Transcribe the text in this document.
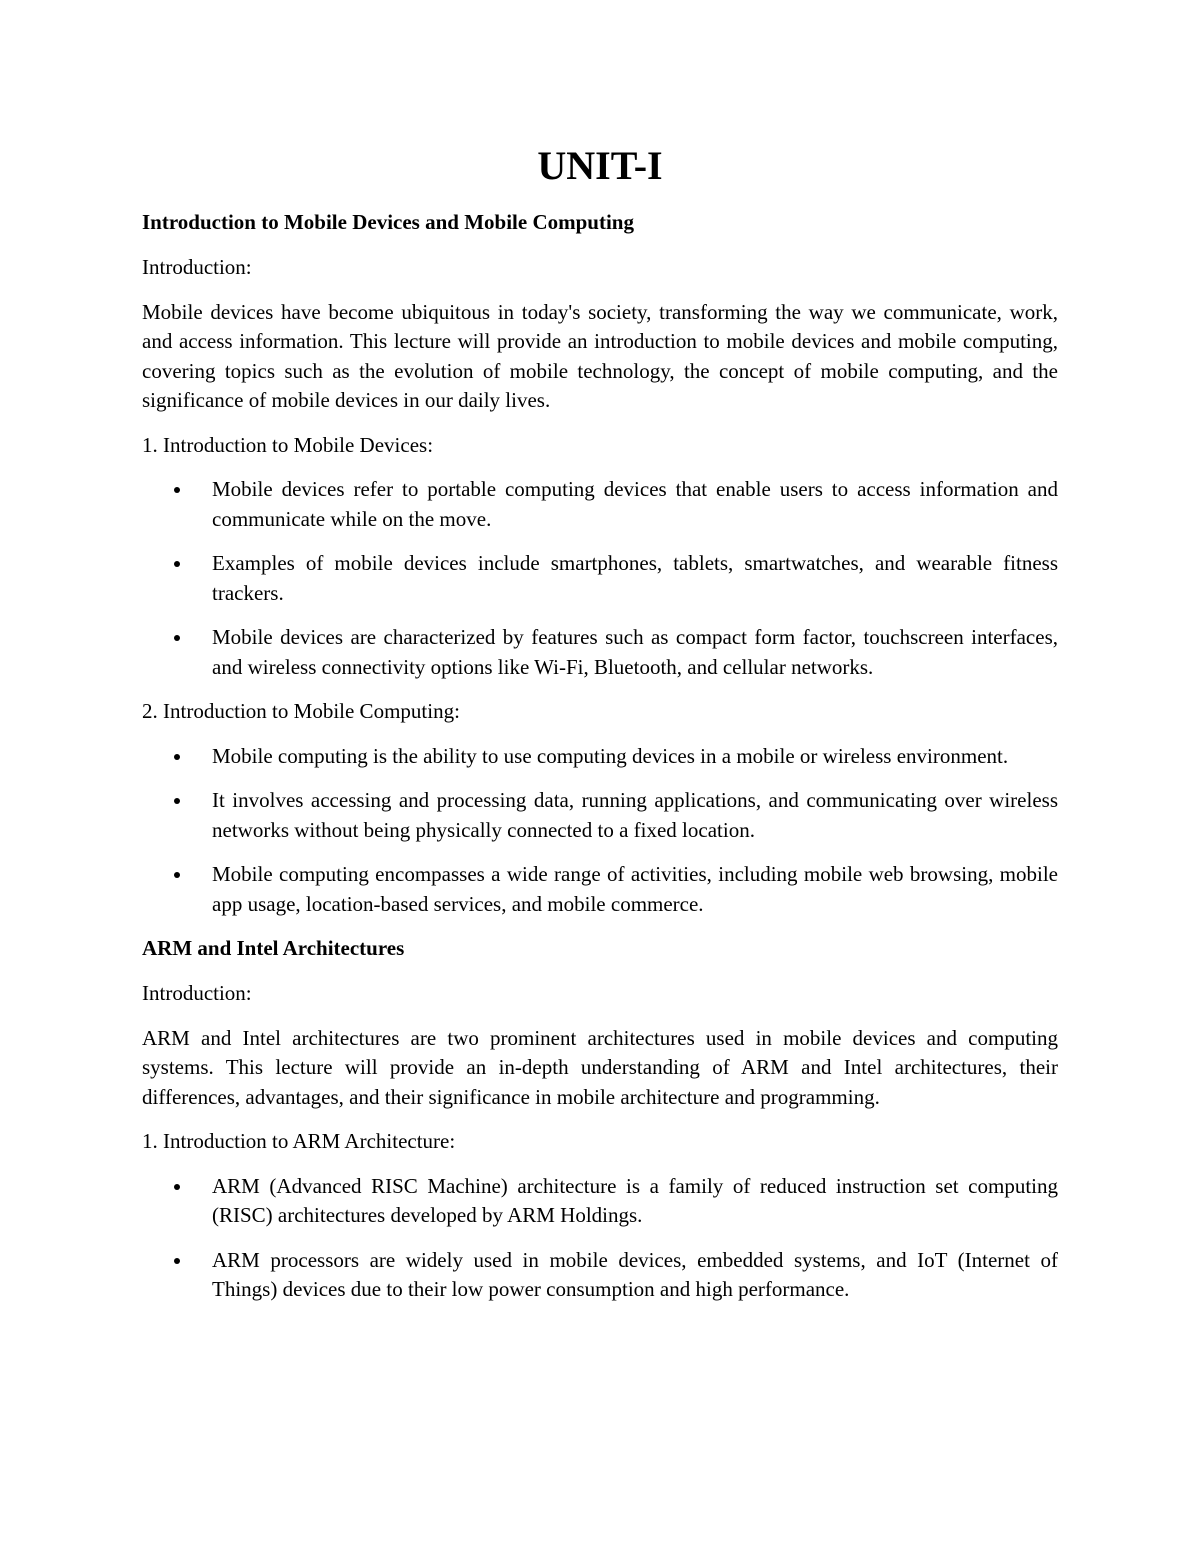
UNIT-I
Introduction to Mobile Devices and Mobile Computing

Introduction:

Mobile devices have become ubiquitous in today's society, transforming the way we communicate, work, and access information. This lecture will provide an introduction to mobile devices and mobile computing, covering topics such as the evolution of mobile technology, the concept of mobile computing, and the significance of mobile devices in our daily lives.

1. Introduction to Mobile Devices:

Mobile devices refer to portable computing devices that enable users to access information and communicate while on the move.
Examples of mobile devices include smartphones, tablets, smartwatches, and wearable fitness trackers.
Mobile devices are characterized by features such as compact form factor, touchscreen interfaces, and wireless connectivity options like Wi-Fi, Bluetooth, and cellular networks.

2. Introduction to Mobile Computing:

Mobile computing is the ability to use computing devices in a mobile or wireless environment.
It involves accessing and processing data, running applications, and communicating over wireless networks without being physically connected to a fixed location.
Mobile computing encompasses a wide range of activities, including mobile web browsing, mobile app usage, location-based services, and mobile commerce.
ARM and Intel Architectures

Introduction:

ARM and Intel architectures are two prominent architectures used in mobile devices and computing systems. This lecture will provide an in-depth understanding of ARM and Intel architectures, their differences, advantages, and their significance in mobile architecture and programming.

1. Introduction to ARM Architecture:

ARM (Advanced RISC Machine) architecture is a family of reduced instruction set computing (RISC) architectures developed by ARM Holdings.
ARM processors are widely used in mobile devices, embedded systems, and IoT (Internet of Things) devices due to their low power consumption and high performance.
